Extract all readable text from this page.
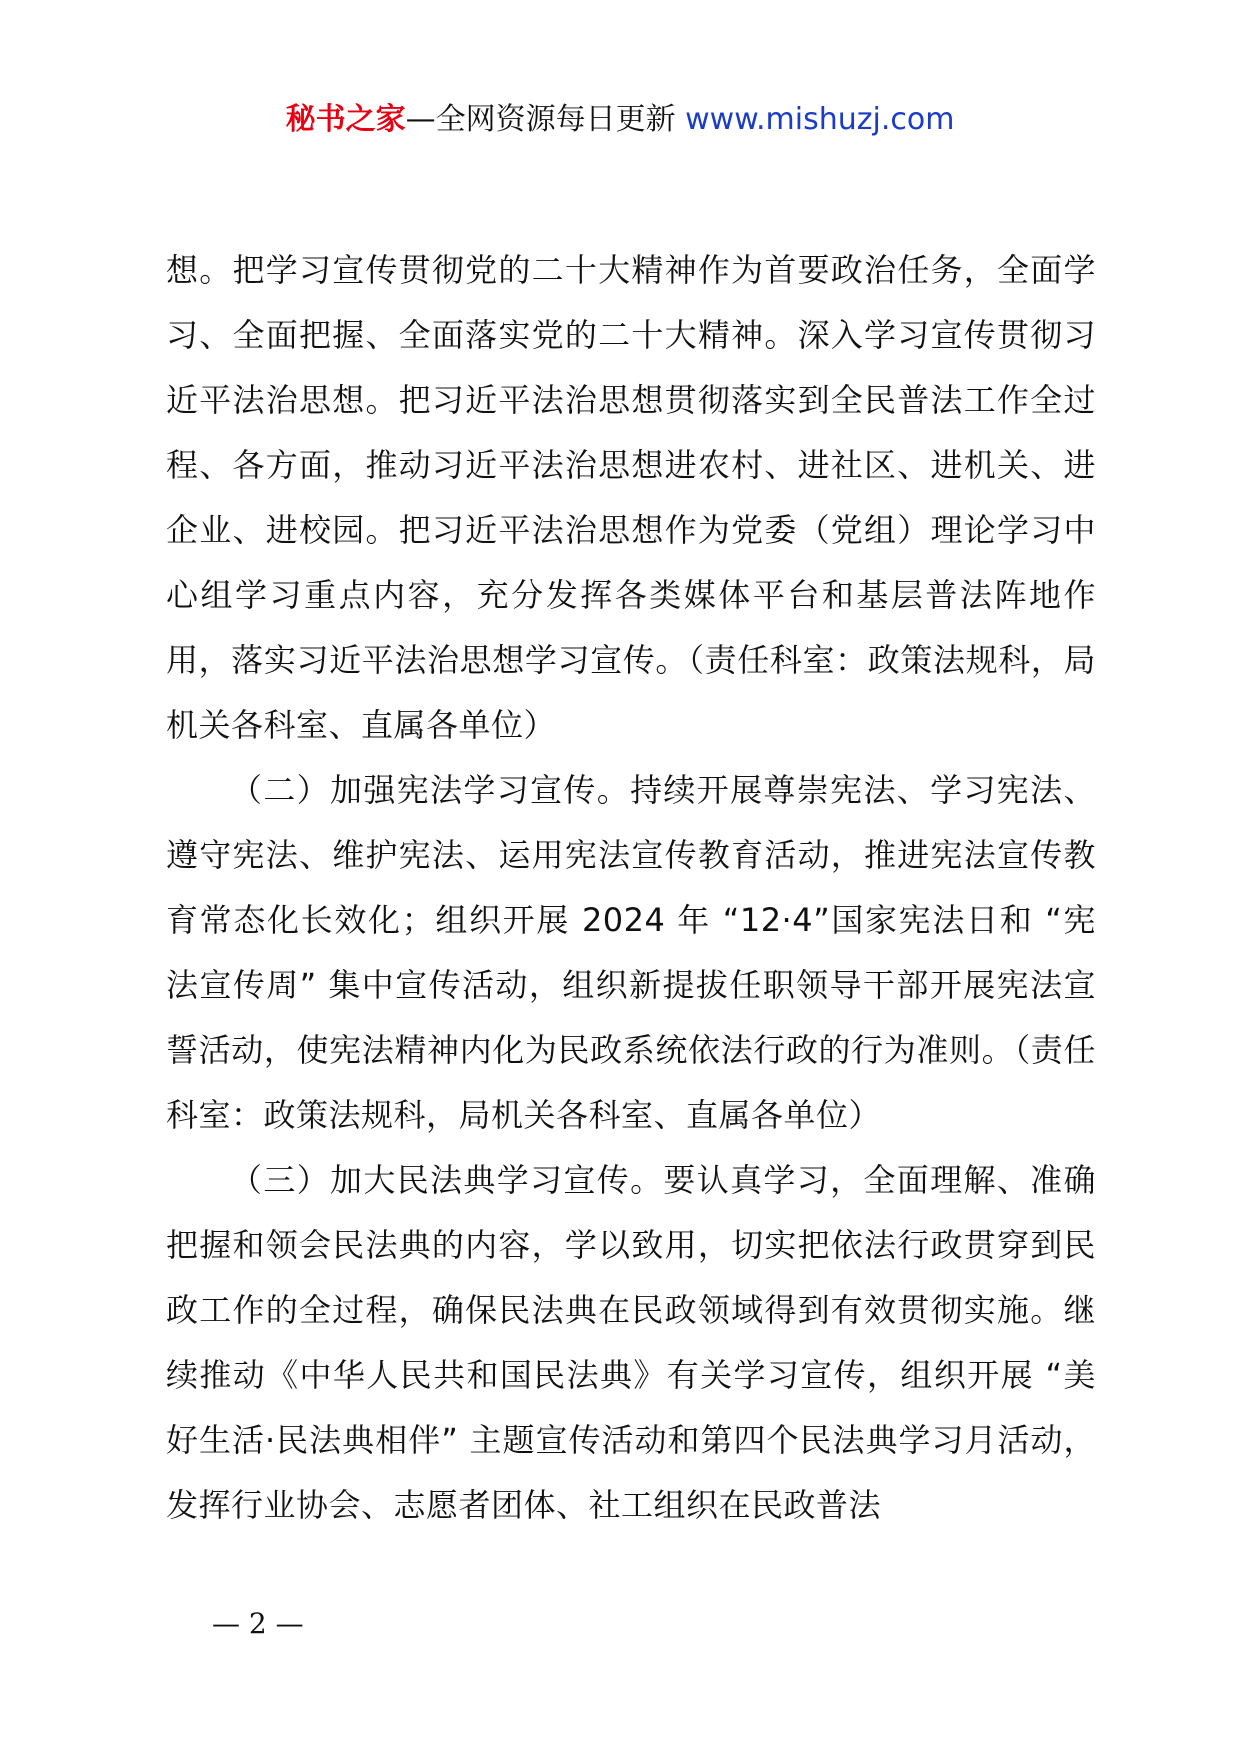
秘书之家—全网资源每日更新 www.mishuzj.com

想。把学习宣传贯彻党的二十大精神作为首要政治任务，全面学习、全面把握、全面落实党的二十大精神。深入学习宣传贯彻习近平法治思想。把习近平法治思想贯彻落实到全民普法工作全过程、各方面，推动习近平法治思想进农村、进社区、进机关、进企业、进校园。把习近平法治思想作为党委（党组）理论学习中心组学习重点内容，充分发挥各类媒体平台和基层普法阵地作用，落实习近平法治思想学习宣传。（责任科室：政策法规科，局机关各科室、直属各单位）

（二）加强宪法学习宣传。持续开展尊崇宪法、学习宪法、遵守宪法、维护宪法、运用宪法宣传教育活动，推进宪法宣传教育常态化长效化；组织开展 2024 年 “12·4”国家宪法日和 “宪法宣传周” 集中宣传活动，组织新提拔任职领导干部开展宪法宣誓活动，使宪法精神内化为民政系统依法行政的行为准则。（责任科室：政策法规科，局机关各科室、直属各单位）

（三）加大民法典学习宣传。要认真学习，全面理解、准确把握和领会民法典的内容，学以致用，切实把依法行政贯穿到民政工作的全过程，确保民法典在民政领域得到有效贯彻实施。继续推动《中华人民共和国民法典》有关学习宣传，组织开展 “美好生活·民法典相伴” 主题宣传活动和第四个民法典学习月活动，发挥行业协会、志愿者团体、社工组织在民政普法

— 2 —
